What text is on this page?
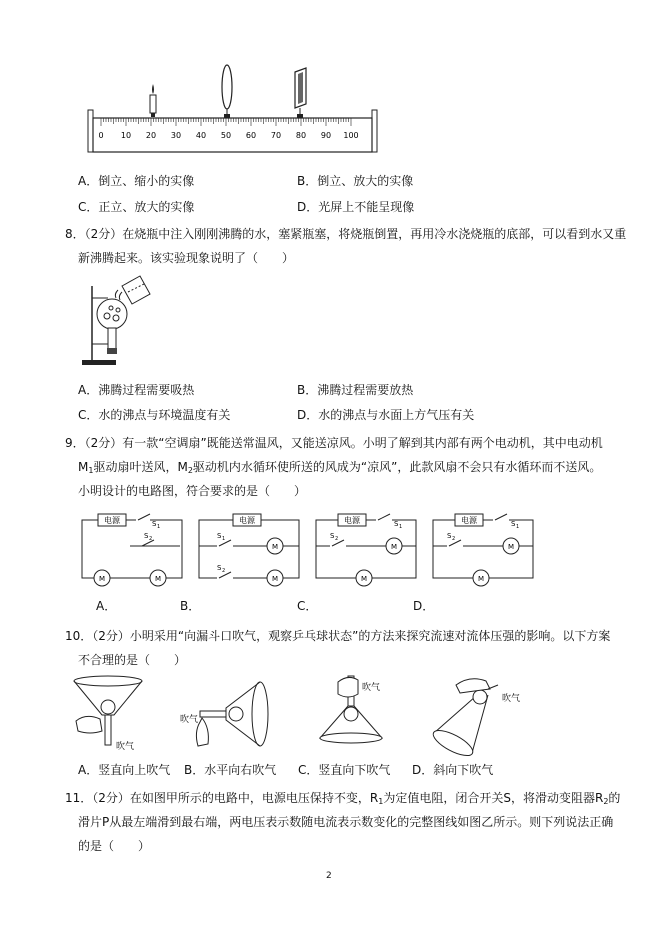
0 10 20 30 40 50 60 70 80 90 100
A．倒立、缩小的实像	B．倒立、放大的实像
C．正立、放大的实像	D．光屏上不能呈现像
8．（2分）在烧瓶中注入刚刚沸腾的水，塞紧瓶塞，将烧瓶倒置，再用冷水浇烧瓶的底部，可以看到水又重
新沸腾起来。该实验现象说明了（　　）
A．沸腾过程需要吸热	B．沸腾过程需要放热
C．水的沸点与环境温度有关	D．水的沸点与水面上方气压有关
9．（2分）有一款“空调扇”既能送常温风，又能送凉风。小明了解到其内部有两个电动机，其中电动机
$M_1$驱动扇叶送风，$M_2$驱动机内水循环使所送的风成为“凉风”，此款风扇不会只有水循环而不送风。
小明设计的电路图，符合要求的是（　　）
电源	S 1
S 2
M	M
电源
S 1
S 2
M
M
电源	S 1
S 2
M
M
电源	S 1
S 2
M
M
A．	B．	C．	D．
10．（2分）小明采用“向漏斗口吹气，观察乒乓球状态”的方法来探究流速对流体压强的影响。以下方案
不合理的是（　　）
吹气
吹气
吹气
吹气
A．竖直向上吹气 B．水平向右吹气 C．竖直向下吹气 D．斜向下吹气
11．（2分）在如图甲所示的电路中，电源电压保持不变，$R_1$为定值电阻，闭合开关S，将滑动变阻器$R_2$的
滑片P从最左端滑到最右端，两电压表示数随电流表示数变化的完整图线如图乙所示。则下列说法正确
的是（　　）
2
